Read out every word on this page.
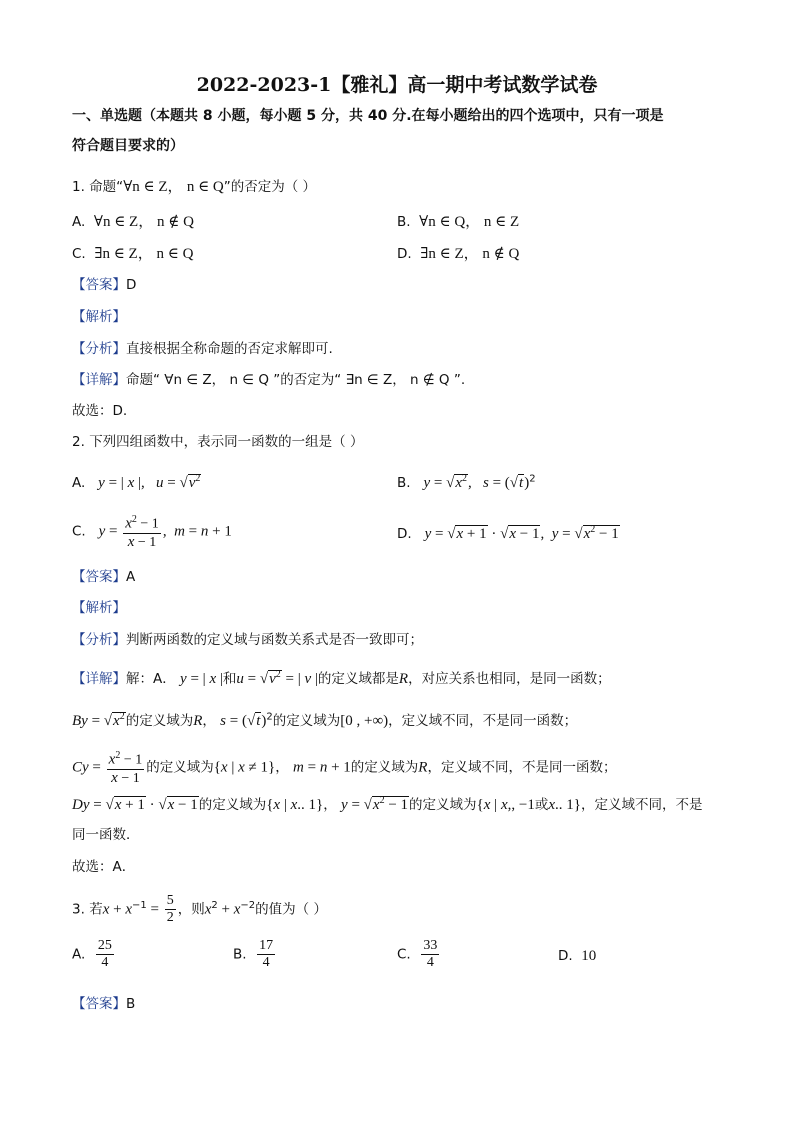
2022-2023-1【雅礼】高一期中考试数学试卷
一、单选题（本题共 8 小题，每小题 5 分，共 40 分.在每小题给出的四个选项中，只有一项是
符合题目要求的）
1. 命题“∀n ∈ Z， n ∈ Q”的否定为（ ）
A. ∀n ∈ Z， n ∉ Q	B. ∀n ∈ Q， n ∈ Z
C. ∃n ∈ Z， n ∈ Q	D. ∃n ∈ Z， n ∉ Q
【答案】D
【解析】
【分析】直接根据全称命题的否定求解即可.
【详解】命题“ ∀n ∈ Z， n ∈ Q ”的否定为“ ∃n ∈ Z， n ∉ Q ”.
故选：D.
2. 下列四组函数中，表示同一函数的一组是（ ）
A. y = | x |,   $u = √v^2$	B. $y = √x^2$,   $s = (√t)^2$
C. $y = \frac{x^2 - 1}{x - 1}$ ,  m = n + 1	D. y = √x + 1 · √x − 1,  $y = √x^2 - 1$
【答案】A
【解析】
【分析】判断两函数的定义域与函数关系式是否一致即可；
【详解】解：A． y = | x |和$u = √v^2$ = | v |的定义域都是R，对应关系也相同，是同一函数；
$By = √x^2$的定义域为R， $s = (√t)^2$的定义域为[0 , +∞)，定义域不同，不是同一函数；
$Cy = \frac{x^2 - 1}{x - 1}$ 的定义域为{x | x ≠ 1}， m = n + 1的定义域为R，定义域不同，不是同一函数；
Dy = √x + 1 · √x − 1的定义域为{x | x.. 1}， $y = √x^2 - 1$的定义域为{x | x,, −1或x.. 1}，定义域不同，不是
同一函数．
故选：A．
3. 若$x + x^{-1} = \frac{5}{2}$ ，则$x^2 + x^{-2}$的值为（ ）
A. $\frac{25}{4}$	B. $\frac{17}{4}$	C. $\frac{33}{4}$	D. 10
【答案】B
